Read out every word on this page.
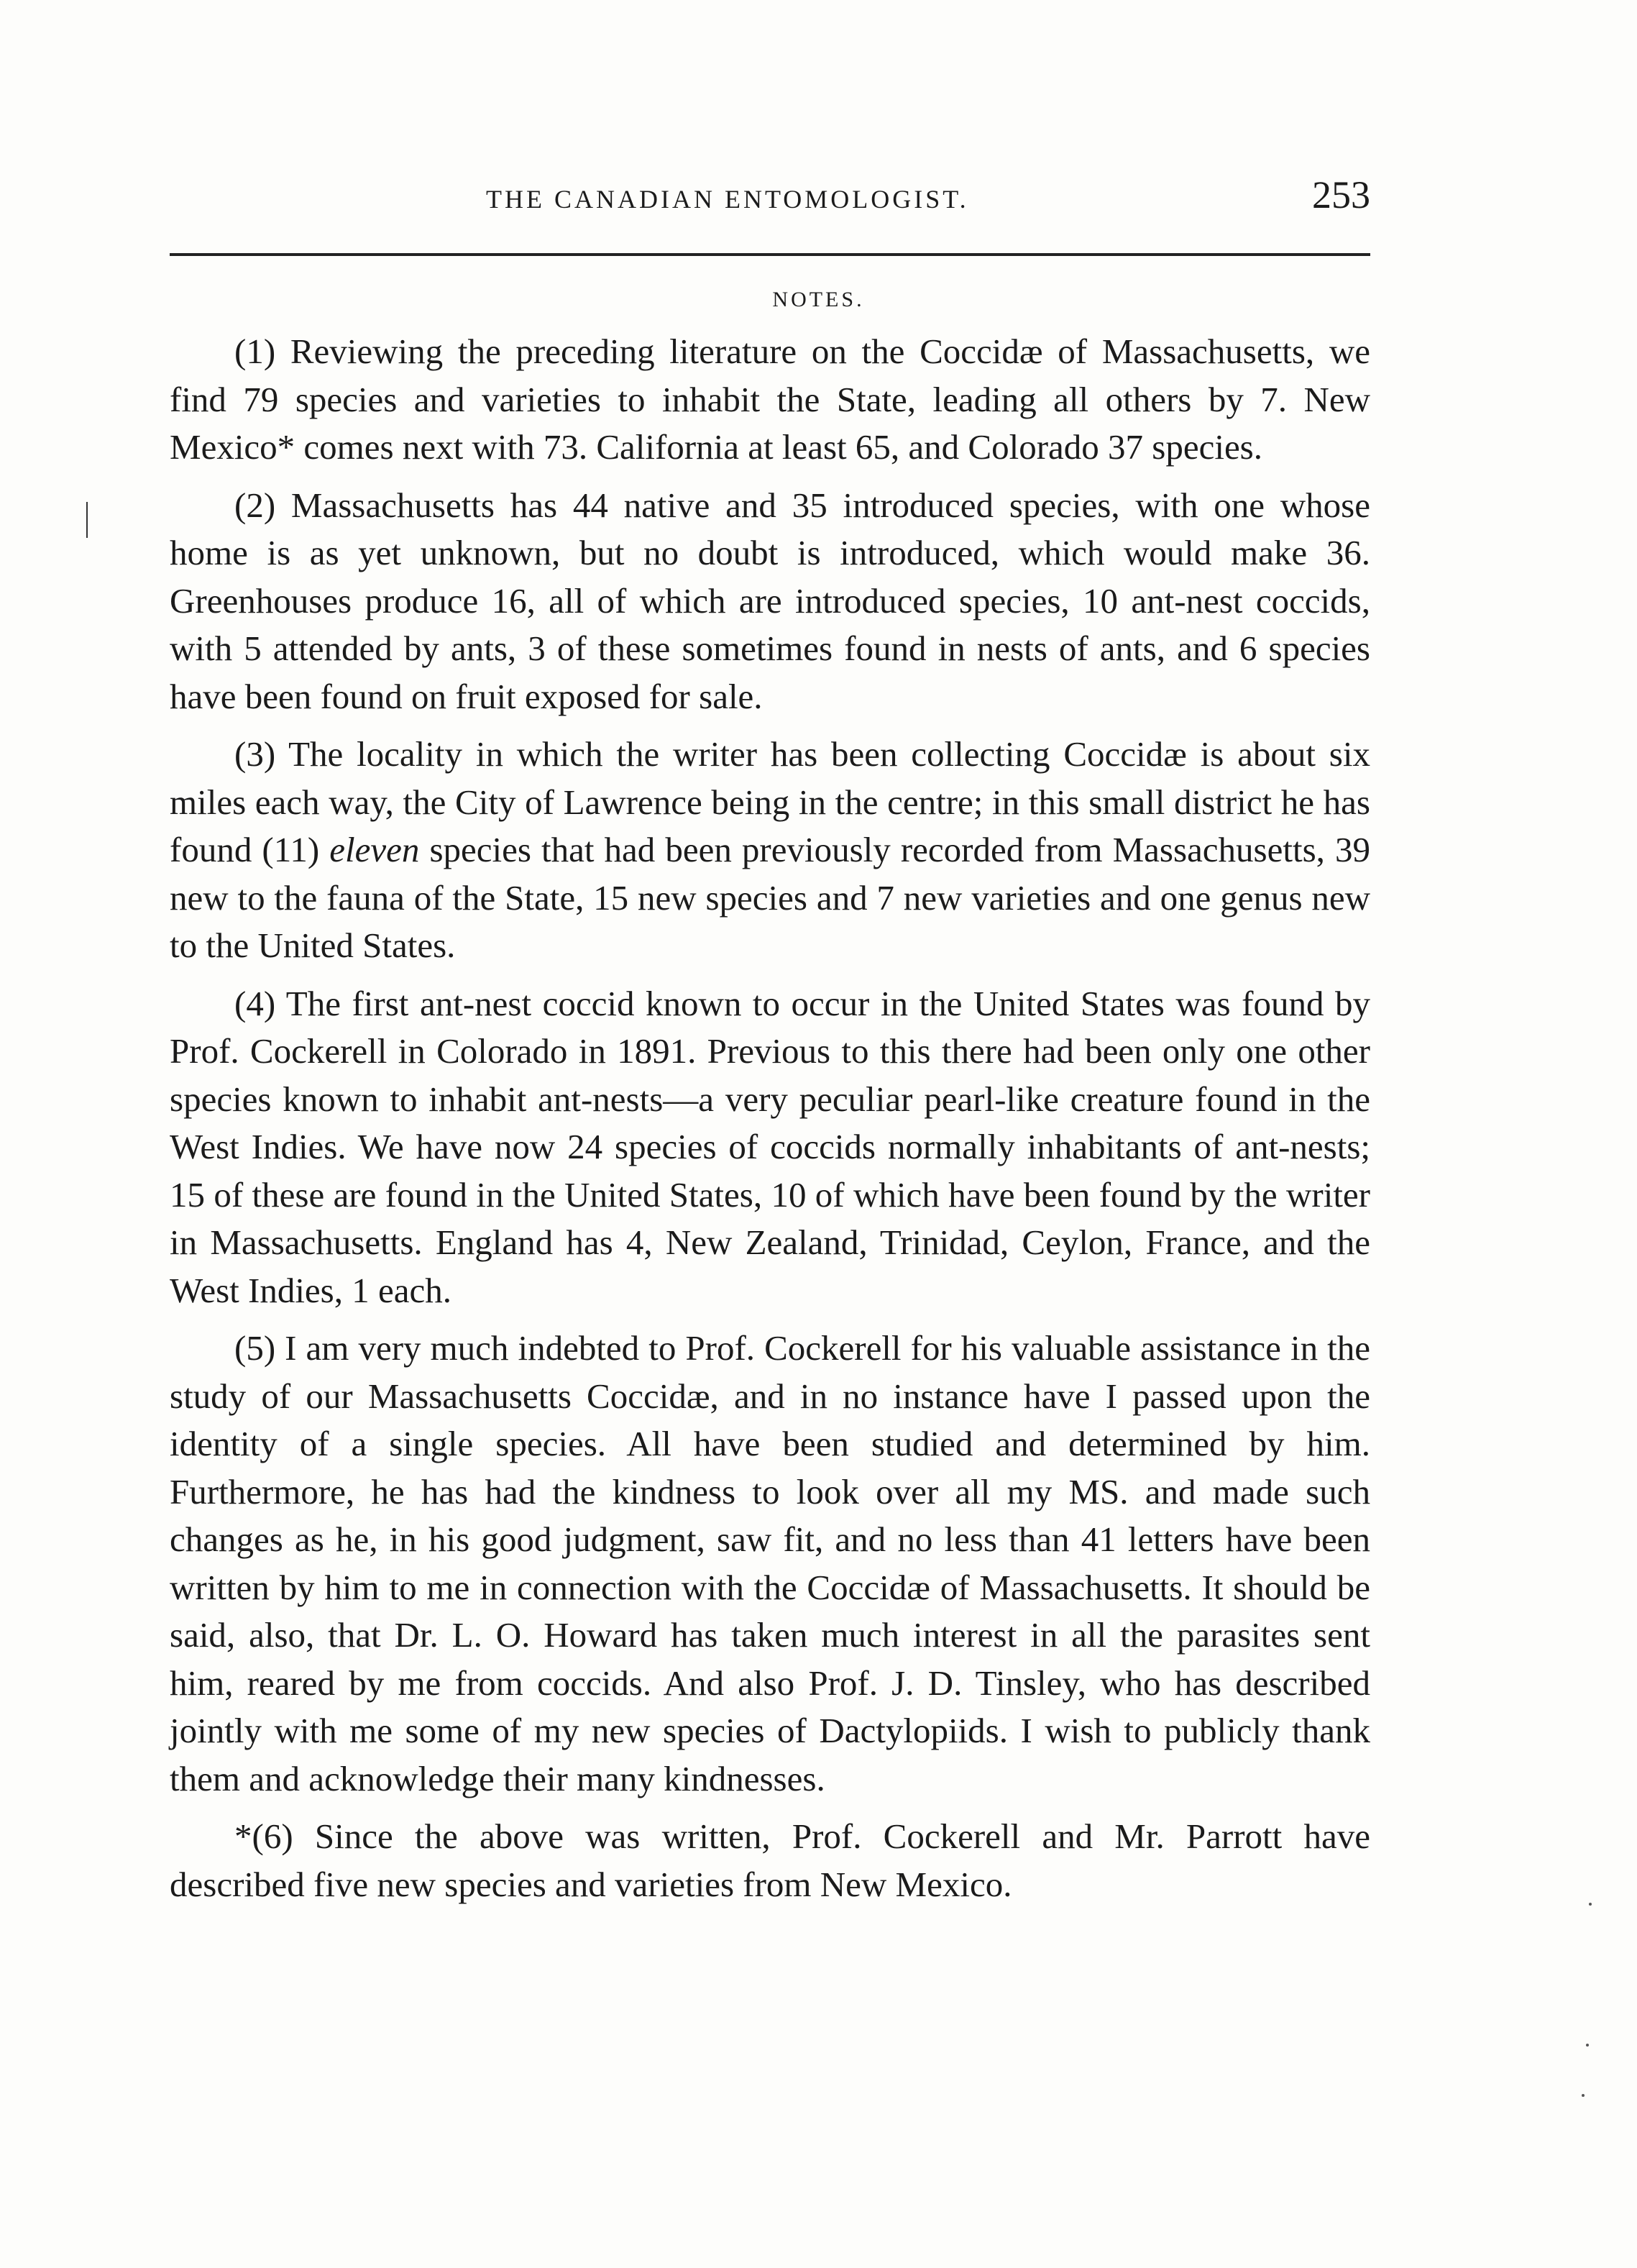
THE CANADIAN ENTOMOLOGIST.	253
NOTES.

(1) Reviewing the preceding literature on the Coccidæ of Massachusetts, we find 79 species and varieties to inhabit the State, leading all others by 7. New Mexico* comes next with 73. California at least 65, and Colorado 37 species.

(2) Massachusetts has 44 native and 35 introduced species, with one whose home is as yet unknown, but no doubt is introduced, which would make 36. Greenhouses produce 16, all of which are introduced species, 10 ant-nest coccids, with 5 attended by ants, 3 of these sometimes found in nests of ants, and 6 species have been found on fruit exposed for sale.

(3) The locality in which the writer has been collecting Coccidæ is about six miles each way, the City of Lawrence being in the centre; in this small district he has found (11) eleven species that had been previously recorded from Massachusetts, 39 new to the fauna of the State, 15 new species and 7 new varieties and one genus new to the United States.

(4) The first ant-nest coccid known to occur in the United States was found by Prof. Cockerell in Colorado in 1891. Previous to this there had been only one other species known to inhabit ant-nests—a very peculiar pearl-like creature found in the West Indies. We have now 24 species of coccids normally inhabitants of ant-nests; 15 of these are found in the United States, 10 of which have been found by the writer in Massachusetts. England has 4, New Zealand, Trinidad, Ceylon, France, and the West Indies, 1 each.

(5) I am very much indebted to Prof. Cockerell for his valuable assistance in the study of our Massachusetts Coccidæ, and in no instance have I passed upon the identity of a single species. All have been studied and determined by him. Furthermore, he has had the kindness to look over all my MS. and made such changes as he, in his good judgment, saw fit, and no less than 41 letters have been written by him to me in connection with the Coccidæ of Massachusetts. It should be said, also, that Dr. L. O. Howard has taken much interest in all the parasites sent him, reared by me from coccids. And also Prof. J. D. Tinsley, who has described jointly with me some of my new species of Dactylopiids. I wish to publicly thank them and acknowledge their many kindnesses.

*(6) Since the above was written, Prof. Cockerell and Mr. Parrott have described five new species and varieties from New Mexico.
